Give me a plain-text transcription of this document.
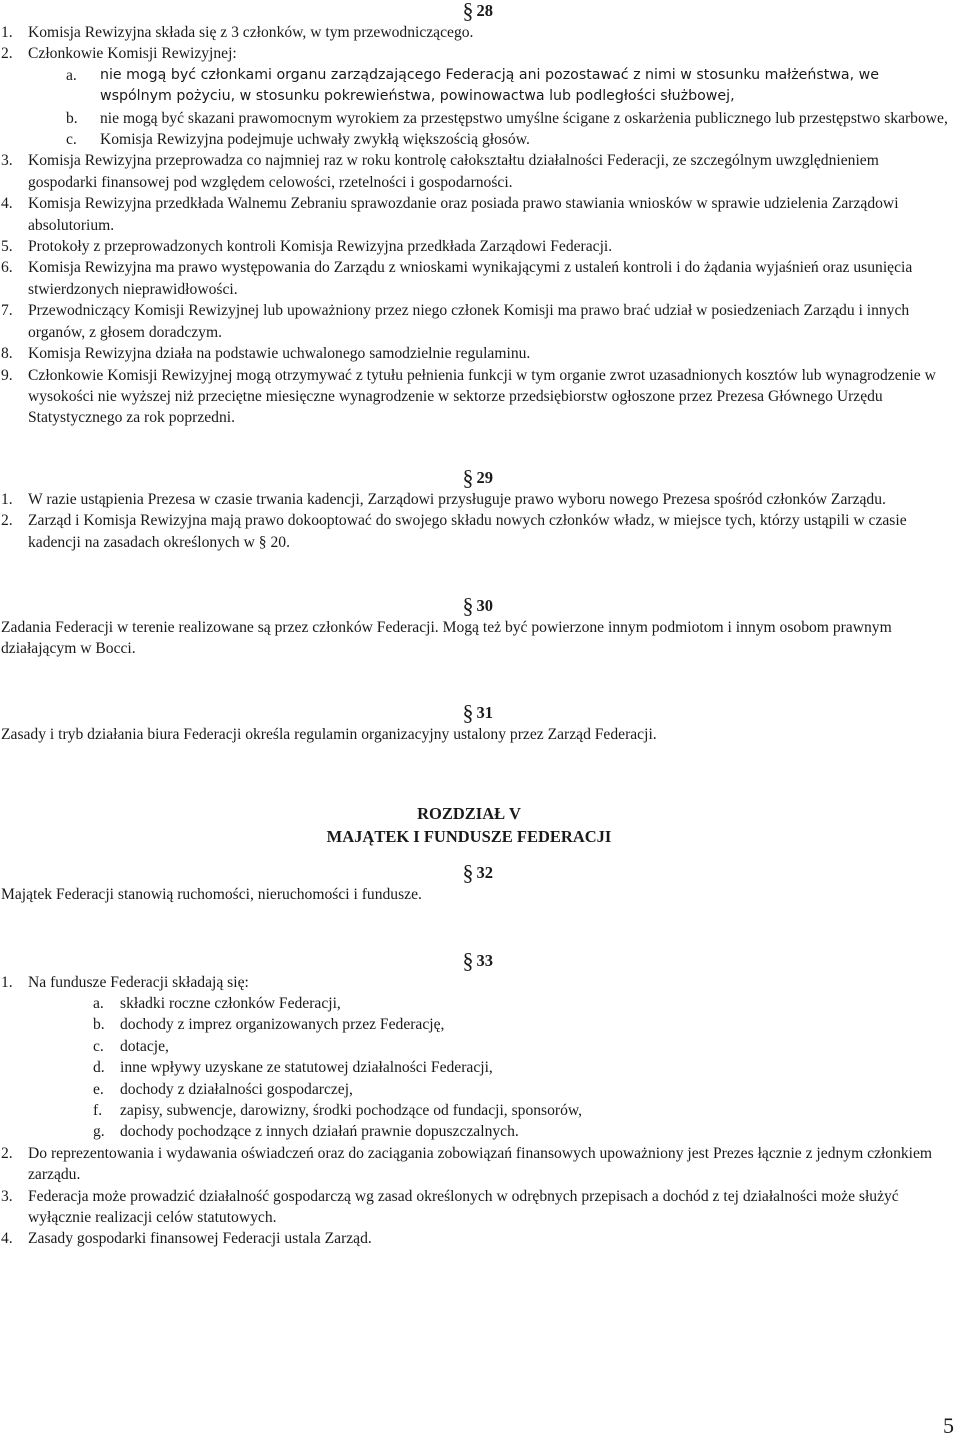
§ 28

1. Komisja Rewizyjna składa się z 3 członków, w tym przewodniczącego.
2. Członkowie Komisji Rewizyjnej:
a.	nie mogą być członkami organu zarządzającego Federacją ani pozostawać z nimi w stosunku małżeństwa, we wspólnym pożyciu, w stosunku pokrewieństwa, powinowactwa lub podległości służbowej,
b.	nie mogą być skazani prawomocnym wyrokiem za przestępstwo umyślne ścigane z oskarżenia publicznego lub przestępstwo skarbowe,
c.	Komisja Rewizyjna podejmuje uchwały zwykłą większością głosów.
3. Komisja Rewizyjna przeprowadza co najmniej raz w roku kontrolę całokształtu działalności Federacji, ze szczególnym uwzględnieniem gospodarki finansowej pod względem celowości, rzetelności i gospodarności.
4. Komisja Rewizyjna przedkłada Walnemu Zebraniu sprawozdanie oraz posiada prawo stawiania wniosków w sprawie udzielenia Zarządowi absolutorium.
5. Protokoły z przeprowadzonych kontroli Komisja Rewizyjna przedkłada Zarządowi Federacji.
6. Komisja Rewizyjna ma prawo występowania do Zarządu z wnioskami wynikającymi z ustaleń kontroli i do żądania wyjaśnień oraz usunięcia stwierdzonych nieprawidłowości.
7. Przewodniczący Komisji Rewizyjnej lub upoważniony przez niego członek Komisji ma prawo brać udział w posiedzeniach Zarządu i innych organów, z głosem doradczym.
8. Komisja Rewizyjna działa na podstawie uchwalonego samodzielnie regulaminu.
9. Członkowie Komisji Rewizyjnej mogą otrzymywać z tytułu pełnienia funkcji w tym organie zwrot uzasadnionych kosztów lub wynagrodzenie w wysokości nie wyższej niż przeciętne miesięczne wynagrodzenie w sektorze przedsiębiorstw ogłoszone przez Prezesa Głównego Urzędu Statystycznego za rok poprzedni.

§ 29

1. W razie ustąpienia Prezesa w czasie trwania kadencji, Zarządowi przysługuje prawo wyboru nowego Prezesa spośród członków Zarządu.
2. Zarząd i Komisja Rewizyjna mają prawo dokooptować do swojego składu nowych członków władz, w miejsce tych, którzy ustąpili w czasie kadencji na zasadach określonych w § 20.

§ 30

Zadania Federacji w terenie realizowane są przez członków Federacji. Mogą też być powierzone innym podmiotom i innym osobom prawnym działającym w Bocci.

§ 31

Zasady i tryb działania biura Federacji określa regulamin organizacyjny ustalony przez Zarząd Federacji.

ROZDZIAŁ V

MAJĄTEK I FUNDUSZE FEDERACJI

§ 32

Majątek Federacji stanowią ruchomości, nieruchomości i fundusze.

§ 33

1. Na fundusze Federacji składają się:
a.	składki roczne członków Federacji,
b. dochody z imprez organizowanych przez Federację,
c.	dotacje,
d. inne wpływy uzyskane ze statutowej działalności Federacji,
e.	dochody z działalności gospodarczej,
f.	zapisy, subwencje, darowizny, środki pochodzące od fundacji, sponsorów,
g. dochody pochodzące z innych działań prawnie dopuszczalnych.
2. Do reprezentowania i wydawania oświadczeń oraz do zaciągania zobowiązań finansowych upoważniony jest Prezes łącznie z jednym członkiem zarządu.
3. Federacja może prowadzić działalność gospodarczą wg zasad określonych w odrębnych przepisach a dochód z tej działalności może służyć wyłącznie realizacji celów statutowych.
4. Zasady gospodarki finansowej Federacji ustala Zarząd.
5
